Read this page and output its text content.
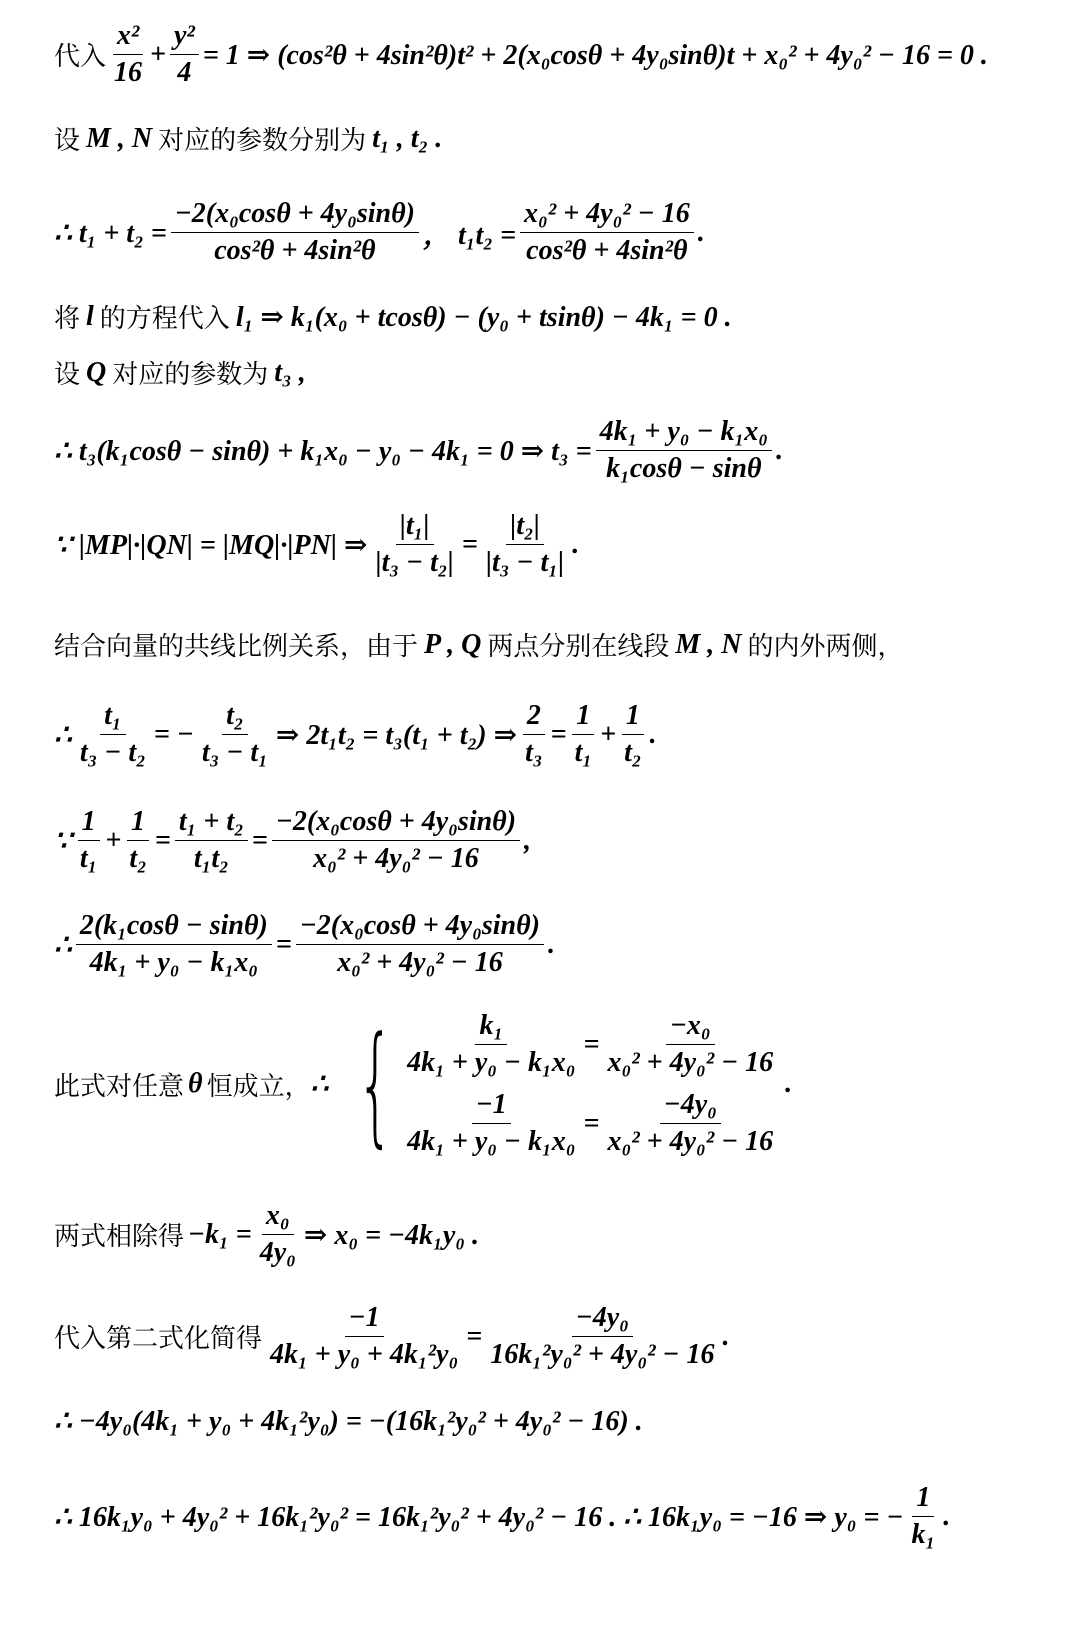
代入 $\frac{\text{x²}}{16} + \frac{\text{y²}}{4} = 1$ ⇒ (cos²θ + 4sin²θ)t² + 2(x₀cosθ + 4y₀sinθ)t + x₀² + 4y₀² − 16 = 0 .
设 M , N 对应的参数分别为 t₁ , t₂ .
∴ $t_1 + t_2 = \frac{\text{−2(x₀cosθ + 4y₀sinθ)}}{\text{cos²θ + 4sin²θ}}$ ， $t_1t_2 = \frac{\text{x₀² + 4y₀² − 16}}{\text{cos²θ + 4sin²θ}}$ .
将 l 的方程代入 l₁ ⇒ k₁(x₀ + tcosθ) − (y₀ + tsinθ) − 4k₁ = 0 .
设 Q 对应的参数为 t₃ ,
∴ t₃(k₁cosθ − sinθ) + k₁x₀ − y₀ − 4k₁ = 0 ⇒ $t_3 = \frac{\text{4k₁ + y₀ − k₁x₀}}{\text{k₁cosθ − sinθ}}$ .
∵ |MP|·|QN| = |MQ|·|PN| ⇒ $\frac{\text{|t₁|}}{\text{|t₃ − t₂|}} = \frac{\text{|t₂|}}{\text{|t₃ − t₁|}}$ .
结合向量的共线比例关系，由于 P , Q 两点分别在线段 M , N 的内外两侧，
∴ $\frac{\text{t₁}}{\text{t₃ − t₂}}$ = − $\frac{\text{t₂}}{\text{t₃ − t₁}}$ ⇒ 2t₁t₂ = t₃(t₁ + t₂) ⇒ $\frac{2}{\text{t₃}} = \frac{1}{\text{t₁}} + \frac{1}{\text{t₂}}$ .
∵ $\frac{1}{\text{t₁}} + \frac{1}{\text{t₂}} = \frac{\text{t₁ + t₂}}{\text{t₁t₂}} = \frac{\text{−2(x₀cosθ + 4y₀sinθ)}}{\text{x₀² + 4y₀² − 16}}$ ,
∴ $\frac{\text{2(k₁cosθ − sinθ)}}{\text{4k₁ + y₀ − k₁x₀}} = \frac{\text{−2(x₀cosθ + 4y₀sinθ)}}{\text{x₀² + 4y₀² − 16}}$ .
此式对任意 θ 恒成立， ∴ { $\frac{\text{k₁}}{\text{4k₁ + y₀ − k₁x₀}} = \frac{\text{−x₀}}{\text{x₀² + 4y₀² − 16}}$
$\frac{-1}{\text{4k₁ + y₀ − k₁x₀}} = \frac{\text{−4y₀}}{\text{x₀² + 4y₀² − 16}}$
.
两式相除得 $-k_1 = \frac{\text{x₀}}{\text{4y₀}}$ ⇒ x₀ = −4k₁y₀ .
代入第二式化简得 $\frac{-1}{\text{4k₁ + y₀ + 4k₁²y₀}} = \frac{\text{−4y₀}}{\text{16k₁²y₀² + 4y₀² − 16}}$ .
∴ −4y₀(4k₁ + y₀ + 4k₁²y₀) = −(16k₁²y₀² + 4y₀² − 16) .
∴ 16k₁y₀ + 4y₀² + 16k₁²y₀² = 16k₁²y₀² + 4y₀² − 16 . ∴ 16k₁y₀ = −16 ⇒ y₀ = − $\frac{1}{\text{k₁}}$ .
